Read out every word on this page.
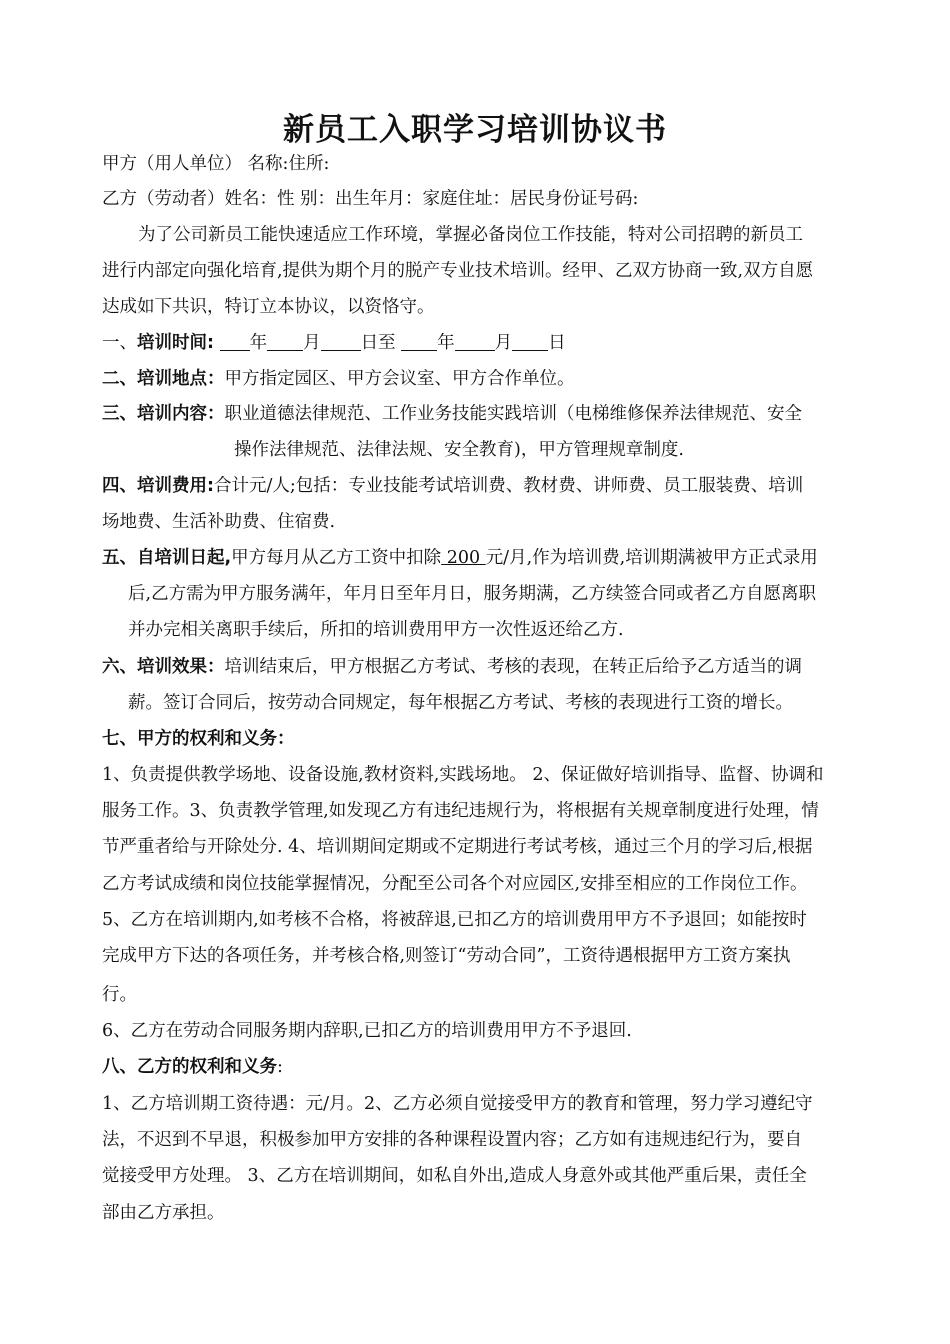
新员工入职学习培训协议书
甲方（用人单位） 名称:住所:
乙方（劳动者）姓名：性 别：出生年月：家庭住址：居民身份证号码:
为了公司新员工能快速适应工作环境，掌握必备岗位工作技能，特对公司招聘的新员工
进行内部定向强化培育,提供为期个月的脱产专业技术培训。经甲、乙双方协商一致,双方自愿
达成如下共识，特订立本协议，以资恪守。
一、培训时间: 年 月 日至 年 月 日
二、培训地点：甲方指定园区、甲方会议室、甲方合作单位。
三、培训内容：职业道德法律规范、工作业务技能实践培训（电梯维修保养法律规范、安全
操作法律规范、法律法规、安全教育)，甲方管理规章制度.
四、培训费用:合计元/人;包括：专业技能考试培训费、教材费、讲师费、员工服装费、培训
场地费、生活补助费、住宿费.
五、自培训日起,甲方每月从乙方工资中扣除 200 元/月,作为培训费,培训期满被甲方正式录用
后,乙方需为甲方服务满年，年月日至年月日，服务期满，乙方续签合同或者乙方自愿离职
并办完相关离职手续后，所扣的培训费用甲方一次性返还给乙方.
六、培训效果：培训结束后，甲方根据乙方考试、考核的表现，在转正后给予乙方适当的调
薪。签订合同后，按劳动合同规定，每年根据乙方考试、考核的表现进行工资的增长。
七、甲方的权利和义务：
1、负责提供教学场地、设备设施,教材资料,实践场地。 2、保证做好培训指导、监督、协调和
服务工作。3、负责教学管理,如发现乙方有违纪违规行为，将根据有关规章制度进行处理，情
节严重者给与开除处分. 4、培训期间定期或不定期进行考试考核，通过三个月的学习后,根据
乙方考试成绩和岗位技能掌握情况，分配至公司各个对应园区,安排至相应的工作岗位工作。
5、乙方在培训期内,如考核不合格，将被辞退,已扣乙方的培训费用甲方不予退回；如能按时
完成甲方下达的各项任务，并考核合格,则签订“劳动合同”，工资待遇根据甲方工资方案执
行。
6、乙方在劳动合同服务期内辞职,已扣乙方的培训费用甲方不予退回.
八、乙方的权利和义务:
1、乙方培训期工资待遇：元/月。2、乙方必须自觉接受甲方的教育和管理，努力学习遵纪守
法，不迟到不早退，积极参加甲方安排的各种课程设置内容；乙方如有违规违纪行为，要自
觉接受甲方处理。 3、乙方在培训期间，如私自外出,造成人身意外或其他严重后果，责任全
部由乙方承担。
